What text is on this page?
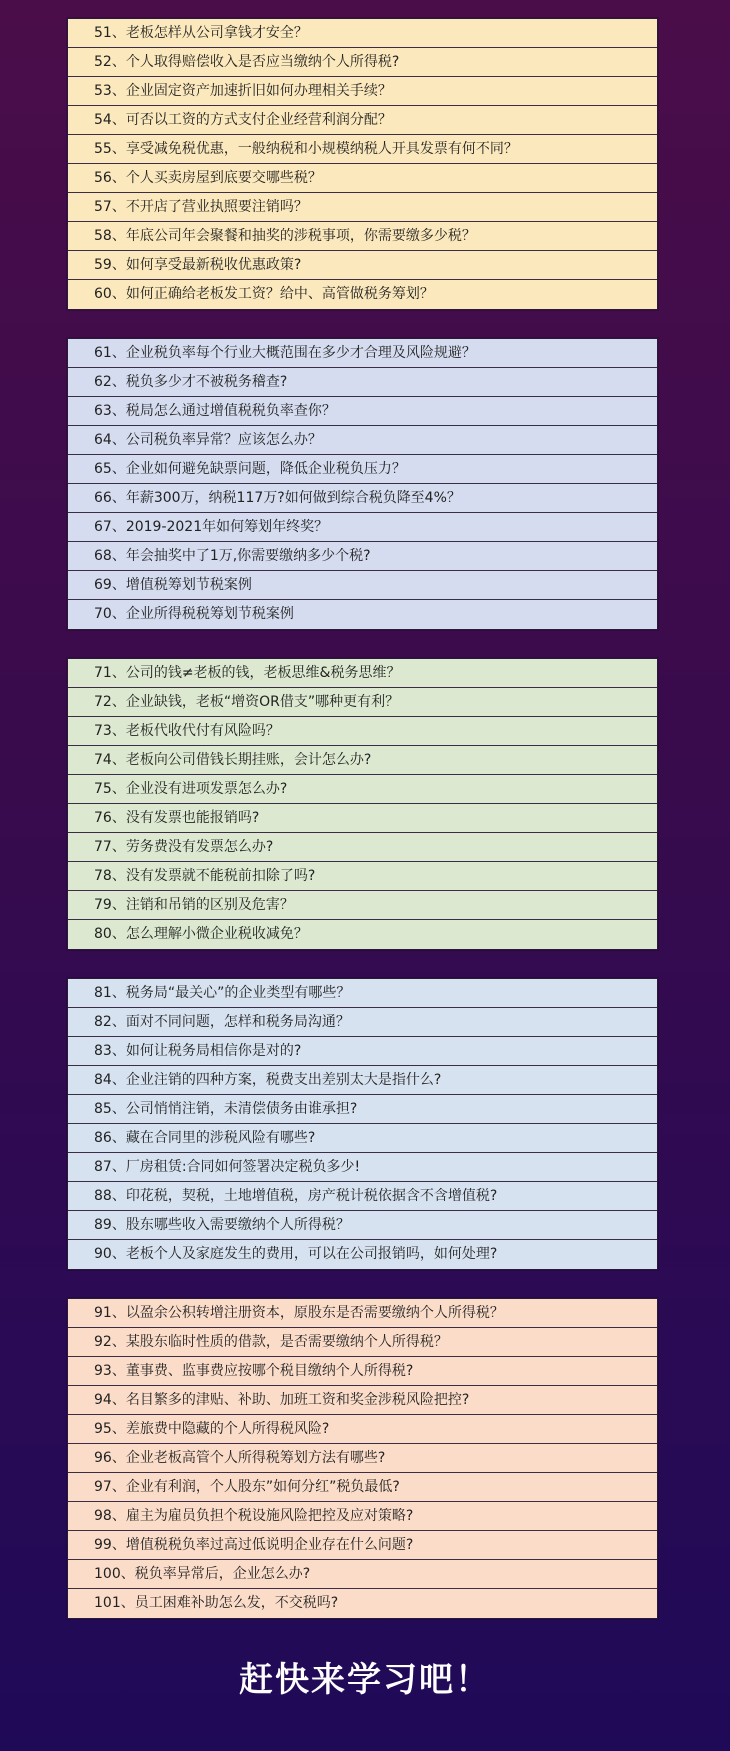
51、老板怎样从公司拿钱才安全？
52、个人取得赔偿收入是否应当缴纳个人所得税?
53、企业固定资产加速折旧如何办理相关手续？
54、可否以工资的方式支付企业经营利润分配？
55、享受减免税优惠，一般纳税和小规模纳税人开具发票有何不同？
56、个人买卖房屋到底要交哪些税？
57、不开店了营业执照要注销吗？
58、年底公司年会聚餐和抽奖的涉税事项，你需要缴多少税？
59、如何享受最新税收优惠政策?
60、如何正确给老板发工资？给中、高管做税务筹划？
61、企业税负率每个行业大概范围在多少才合理及风险规避？
62、税负多少才不被税务稽查?
63、税局怎么通过增值税税负率查你？
64、公司税负率异常？应该怎么办？
65、企业如何避免缺票问题，降低企业税负压力？
66、年薪300万，纳税117万?如何做到综合税负降至4%？
67、2019-2021年如何筹划年终奖？
68、年会抽奖中了1万,你需要缴纳多少个税?
69、增值税筹划节税案例
70、企业所得税税筹划节税案例
71、公司的钱≠老板的钱，老板思维&税务思维？
72、企业缺钱，老板“增资OR借支”哪种更有利？
73、老板代收代付有风险吗？
74、老板向公司借钱长期挂账，会计怎么办?
75、企业没有进项发票怎么办?
76、没有发票也能报销吗?
77、劳务费没有发票怎么办?
78、没有发票就不能税前扣除了吗?
79、注销和吊销的区别及危害？
80、怎么理解小微企业税收减免？
81、税务局“最关心”的企业类型有哪些？
82、面对不同问题，怎样和税务局沟通？
83、如何让税务局相信你是对的?
84、企业注销的四种方案，税费支出差别太大是指什么?
85、公司悄悄注销，未清偿债务由谁承担?
86、藏在合同里的涉税风险有哪些?
87、厂房租赁:合同如何签署决定税负多少!
88、印花税，契税，土地增值税，房产税计税依据含不含增值税?
89、股东哪些收入需要缴纳个人所得税？
90、老板个人及家庭发生的费用，可以在公司报销吗，如何处理?
91、以盈余公积转增注册资本，原股东是否需要缴纳个人所得税？
92、某股东临时性质的借款，是否需要缴纳个人所得税？
93、董事费、监事费应按哪个税目缴纳个人所得税?
94、名目繁多的津贴、补助、加班工资和奖金涉税风险把控?
95、差旅费中隐藏的个人所得税风险?
96、企业老板高管个人所得税筹划方法有哪些?
97、企业有利润，个人股东”如何分红”税负最低?
98、雇主为雇员负担个税设施风险把控及应对策略?
99、增值税税负率过高过低说明企业存在什么问题?
100、税负率异常后，企业怎么办?
101、员工困难补助怎么发，不交税吗?
赶快来学习吧！
